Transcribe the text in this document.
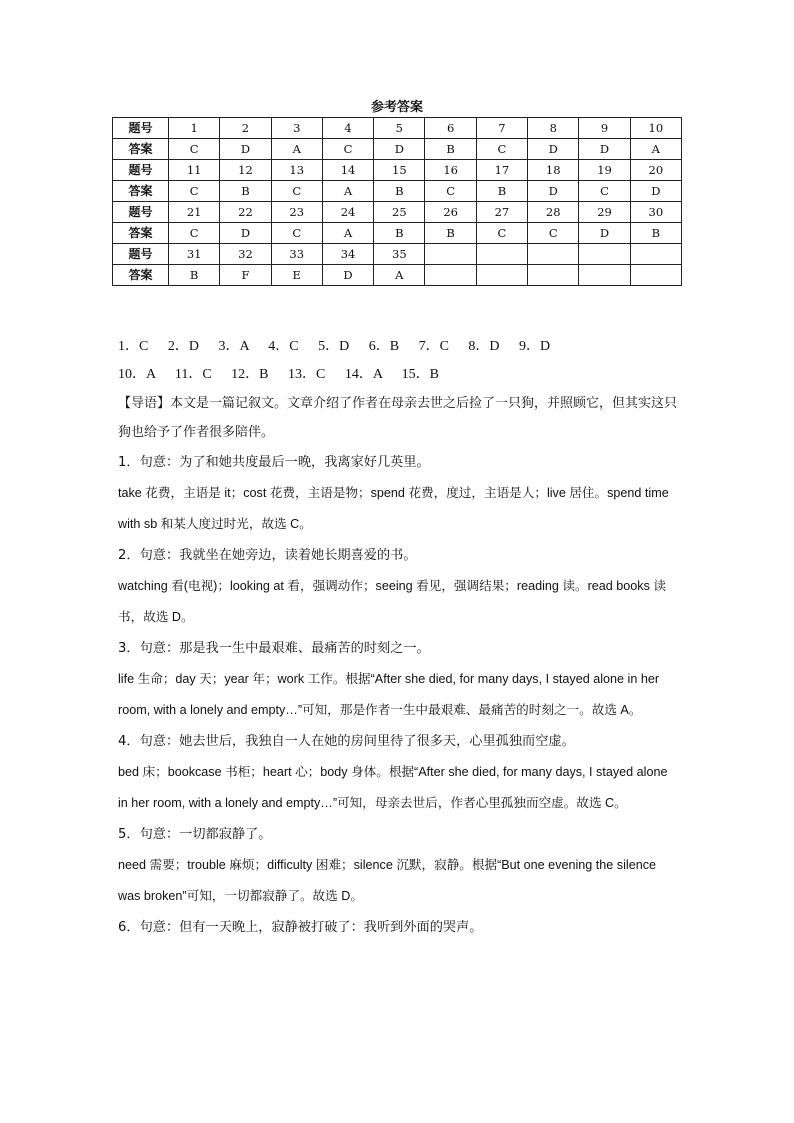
参考答案
题号	1	2	3	4	5	6	7	8	9	10
答案	C	D	A	C	D	B	C	D	D	A
题号	11	12	13	14	15	16	17	18	19	20
答案	C	B	C	A	B	C	B	D	C	D
题号	21	22	23	24	25	26	27	28	29	30
答案	C	D	C	A	B	B	C	C	D	B
题号	31	32	33	34	35					
答案	B	F	E	D	A					
1．C　 2．D　 3．A　 4．C　 5．D　 6．B　 7．C　 8．D　 9．D
10．A　 11．C　 12．B　 13．C　 14．A　 15．B

【导语】本文是一篇记叙文。文章介绍了作者在母亲去世之后捡了一只狗，并照顾它，但其实这只狗也给予了作者很多陪伴。

1．句意：为了和她共度最后一晚，我离家好几英里。

take 花费，主语是 it；cost 花费，主语是物；spend 花费，度过，主语是人；live 居住。spend time with sb 和某人度过时光，故选 C。

2．句意：我就坐在她旁边，读着她长期喜爱的书。

watching 看(电视)；looking at 看，强调动作；seeing 看见，强调结果；reading 读。read books 读书，故选 D。

3．句意：那是我一生中最艰难、最痛苦的时刻之一。

life 生命；day 天；year 年；work 工作。根据“After she died, for many days, I stayed alone in her room, with a lonely and empty…”可知，那是作者一生中最艰难、最痛苦的时刻之一。故选 A。

4．句意：她去世后，我独自一人在她的房间里待了很多天，心里孤独而空虚。

bed 床；bookcase 书柜；heart 心；body 身体。根据“After she died, for many days, I stayed alone in her room, with a lonely and empty…”可知，母亲去世后，作者心里孤独而空虚。故选 C。

5．句意：一切都寂静了。

need 需要；trouble 麻烦；difficulty 困难；silence 沉默，寂静。根据“But one evening the silence was broken”可知，一切都寂静了。故选 D。

6．句意：但有一天晚上，寂静被打破了：我听到外面的哭声。
